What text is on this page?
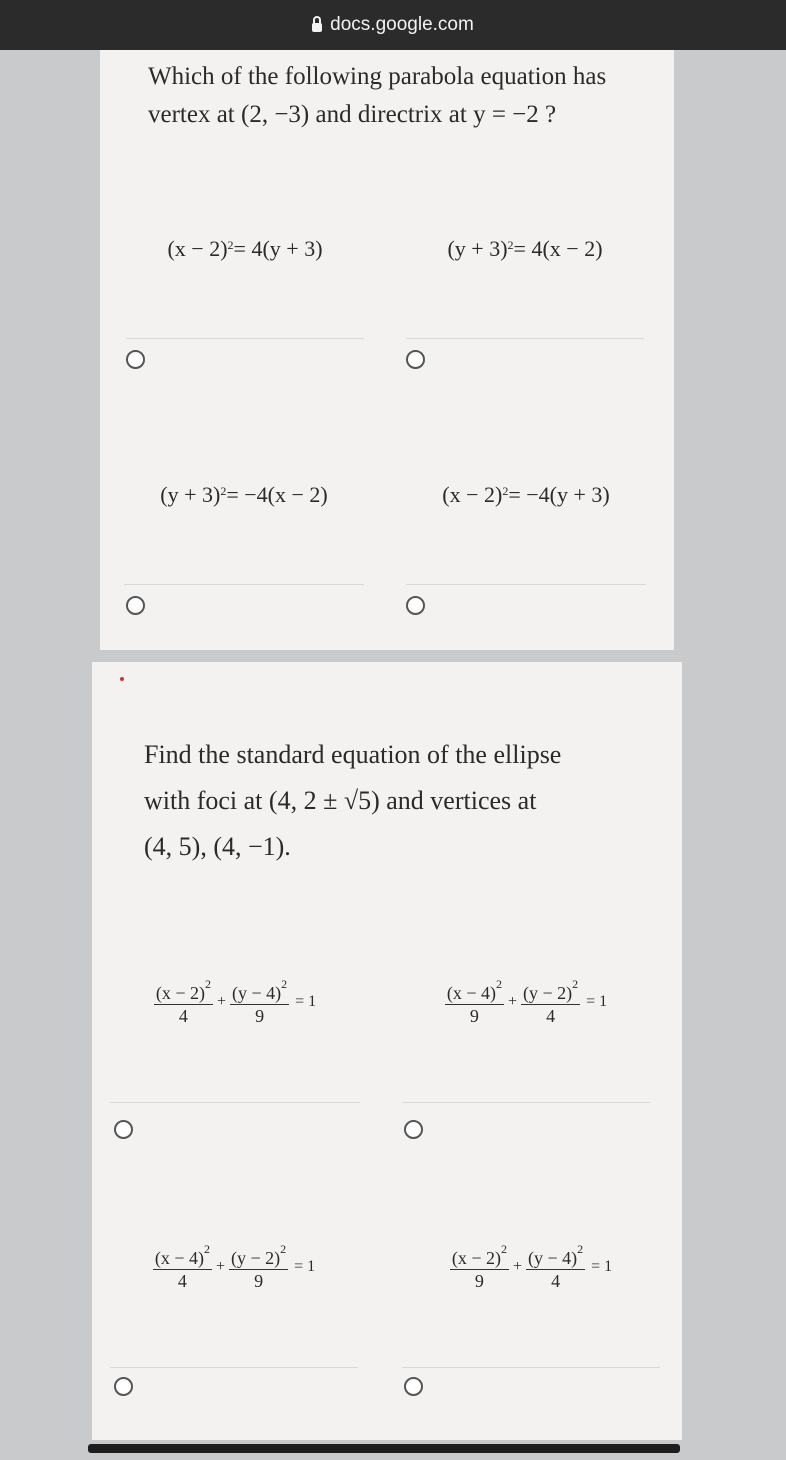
docs.google.com
Which of the following parabola equation has
vertex at (2, −3) and directrix at y = −2 ?
$(x - 2)^2 = 4(y + 3)$	$(y + 3)^2 = 4(x - 2)$
$(y + 3)^2 = -4(x - 2)$	$(x - 2)^2 = -4(y + 3)$
Find the standard equation of the ellipse
with foci at (4, 2 ± √5) and vertices at
(4, 5), (4, −1).
$\frac{(x - 2)^2}{4} + \frac{(y - 4)^2}{9} = 1$	$\frac{(x - 4)^2}{9} + \frac{(y - 2)^2}{4} = 1$
$\frac{(x - 4)^2}{4} + \frac{(y - 2)^2}{9} = 1$	$\frac{(x - 2)^2}{9} + \frac{(y - 4)^2}{4} = 1$
